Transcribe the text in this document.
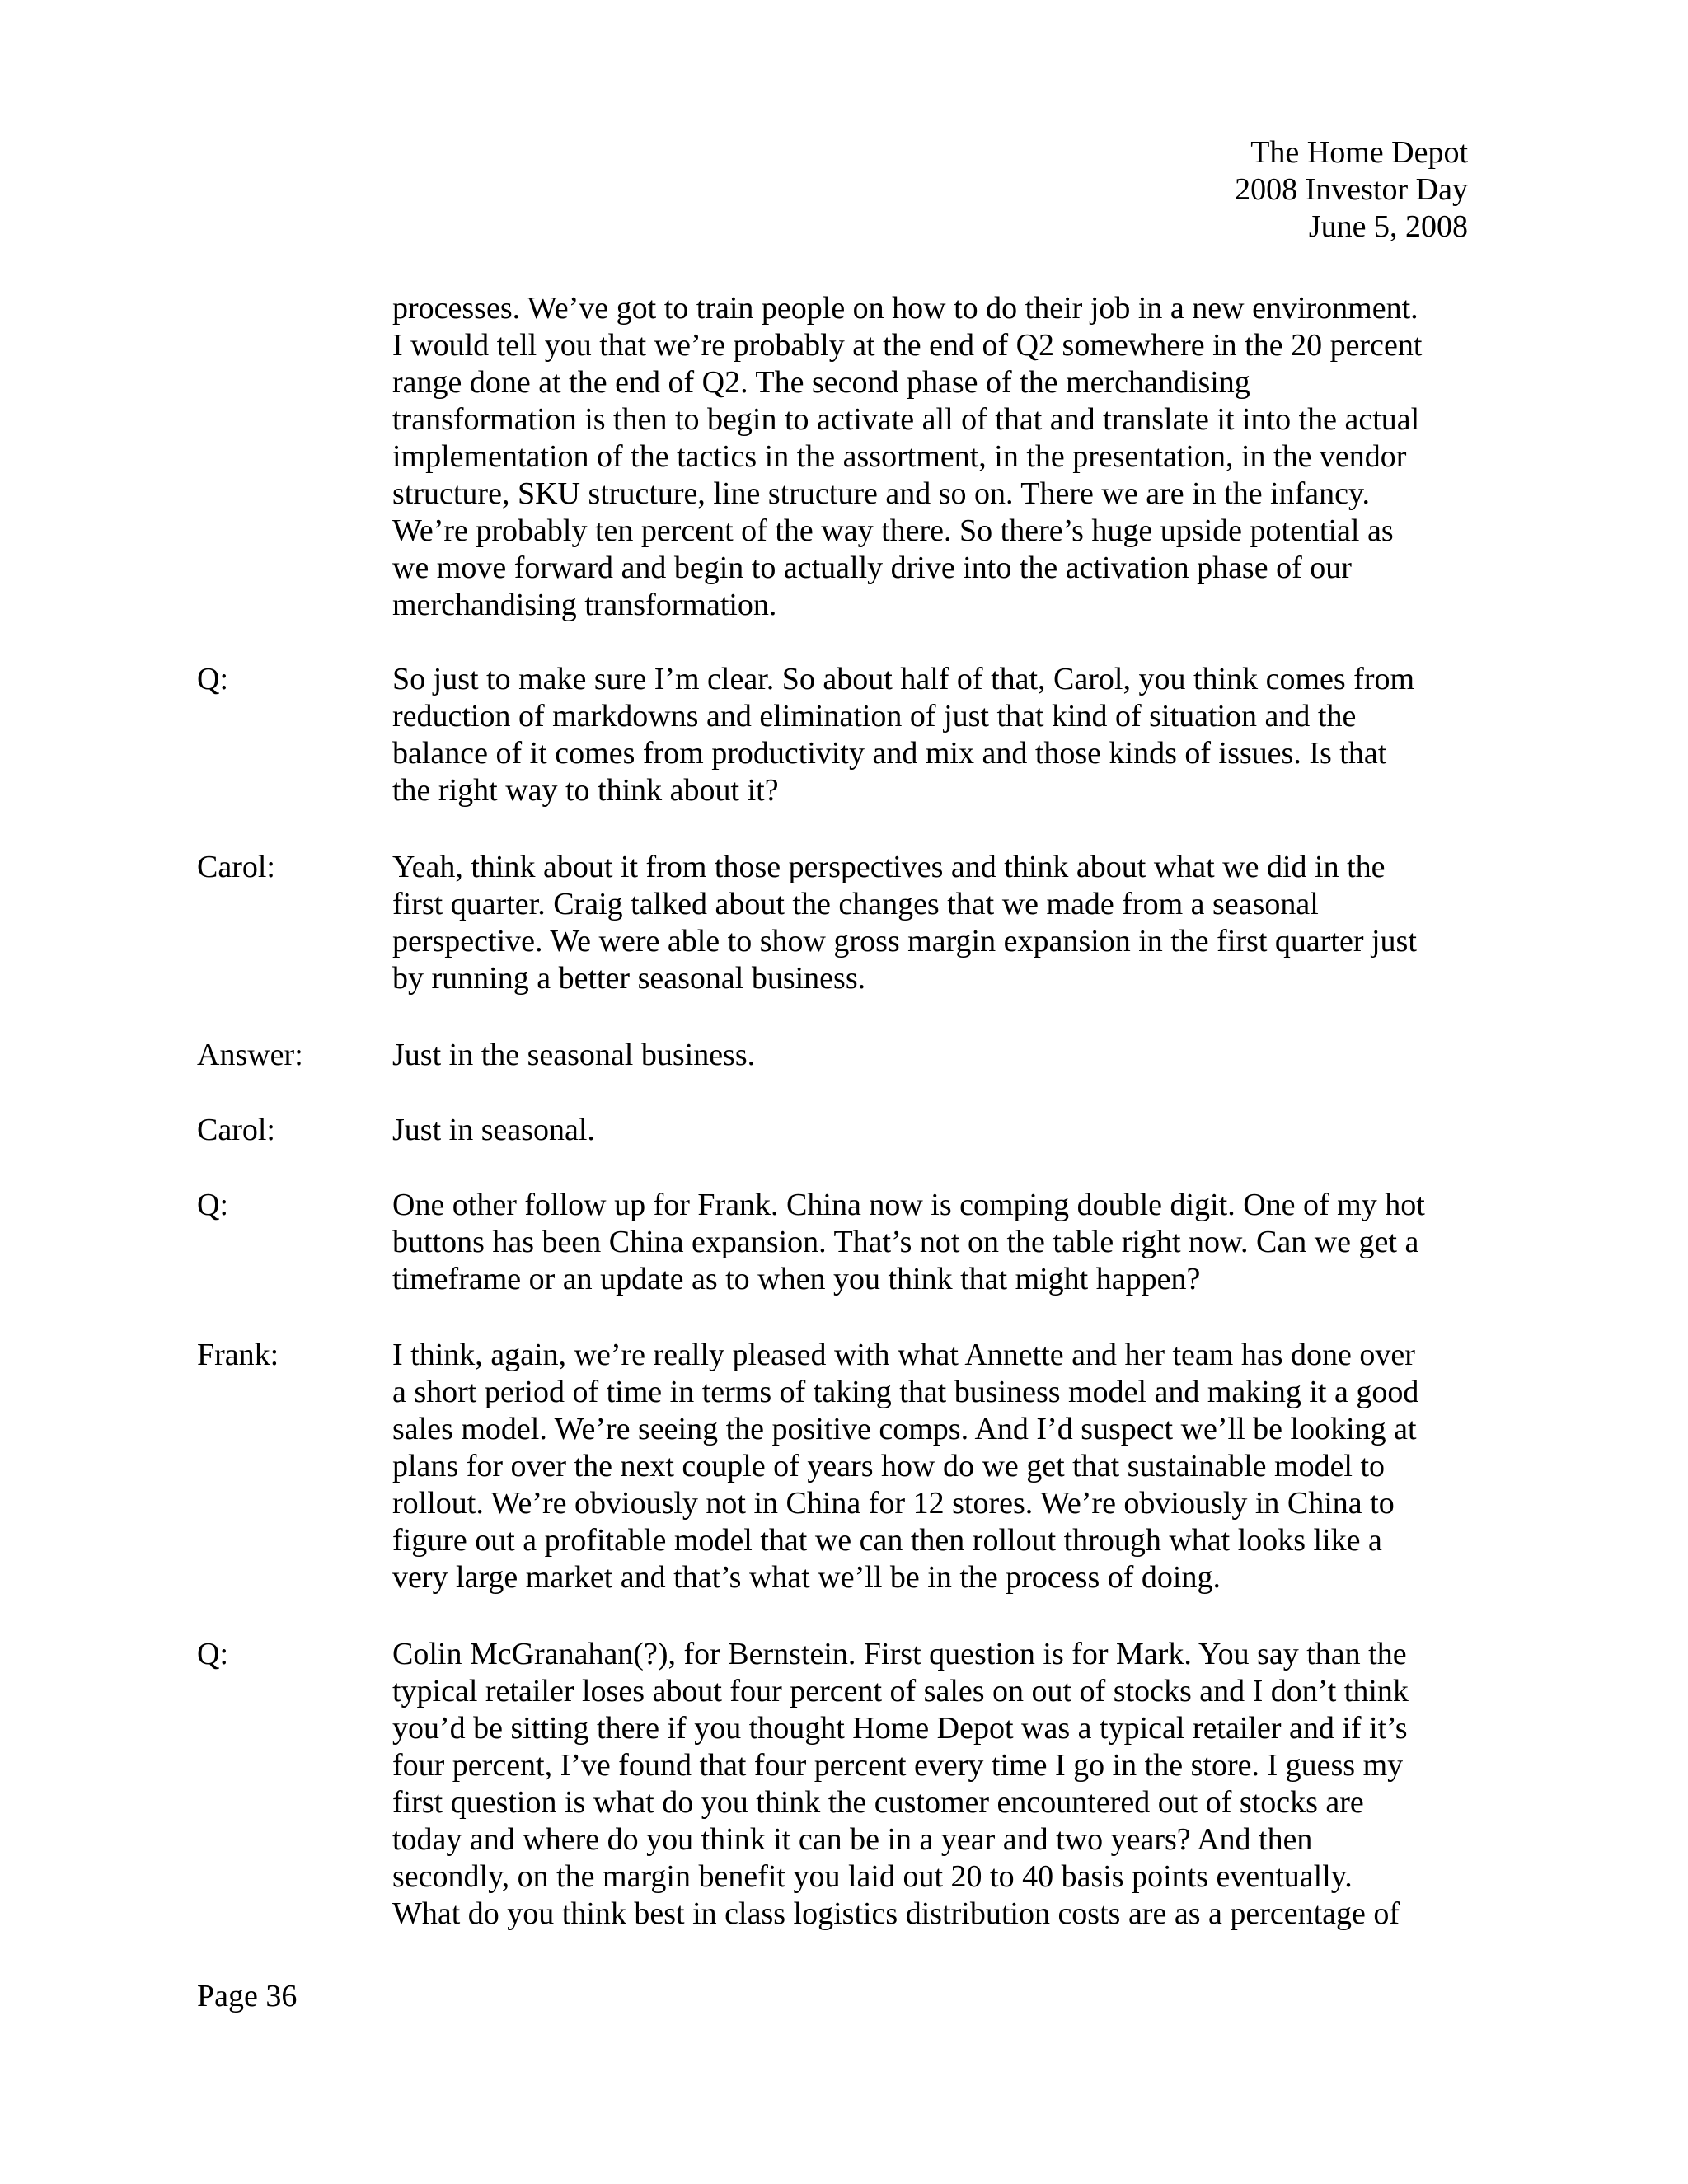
The Home Depot
2008 Investor Day
June 5, 2008
processes. We’ve got to train people on how to do their job in a new environment.
I would tell you that we’re probably at the end of Q2 somewhere in the 20 percent
range done at the end of Q2. The second phase of the merchandising
transformation is then to begin to activate all of that and translate it into the actual
implementation of the tactics in the assortment, in the presentation, in the vendor
structure, SKU structure, line structure and so on. There we are in the infancy.
We’re probably ten percent of the way there. So there’s huge upside potential as
we move forward and begin to actually drive into the activation phase of our
merchandising transformation.
Q:	So just to make sure I’m clear. So about half of that, Carol, you think comes from
reduction of markdowns and elimination of just that kind of situation and the
balance of it comes from productivity and mix and those kinds of issues. Is that
the right way to think about it?
Carol:	Yeah, think about it from those perspectives and think about what we did in the
first quarter. Craig talked about the changes that we made from a seasonal
perspective. We were able to show gross margin expansion in the first quarter just
by running a better seasonal business.
Answer:	Just in the seasonal business.
Carol:	Just in seasonal.
Q:	One other follow up for Frank. China now is comping double digit. One of my hot
buttons has been China expansion. That’s not on the table right now. Can we get a
timeframe or an update as to when you think that might happen?
Frank:	I think, again, we’re really pleased with what Annette and her team has done over
a short period of time in terms of taking that business model and making it a good
sales model. We’re seeing the positive comps. And I’d suspect we’ll be looking at
plans for over the next couple of years how do we get that sustainable model to
rollout. We’re obviously not in China for 12 stores. We’re obviously in China to
figure out a profitable model that we can then rollout through what looks like a
very large market and that’s what we’ll be in the process of doing.
Q:	Colin McGranahan(?), for Bernstein. First question is for Mark. You say than the
typical retailer loses about four percent of sales on out of stocks and I don’t think
you’d be sitting there if you thought Home Depot was a typical retailer and if it’s
four percent, I’ve found that four percent every time I go in the store. I guess my
first question is what do you think the customer encountered out of stocks are
today and where do you think it can be in a year and two years? And then
secondly, on the margin benefit you laid out 20 to 40 basis points eventually.
What do you think best in class logistics distribution costs are as a percentage of
Page 36
